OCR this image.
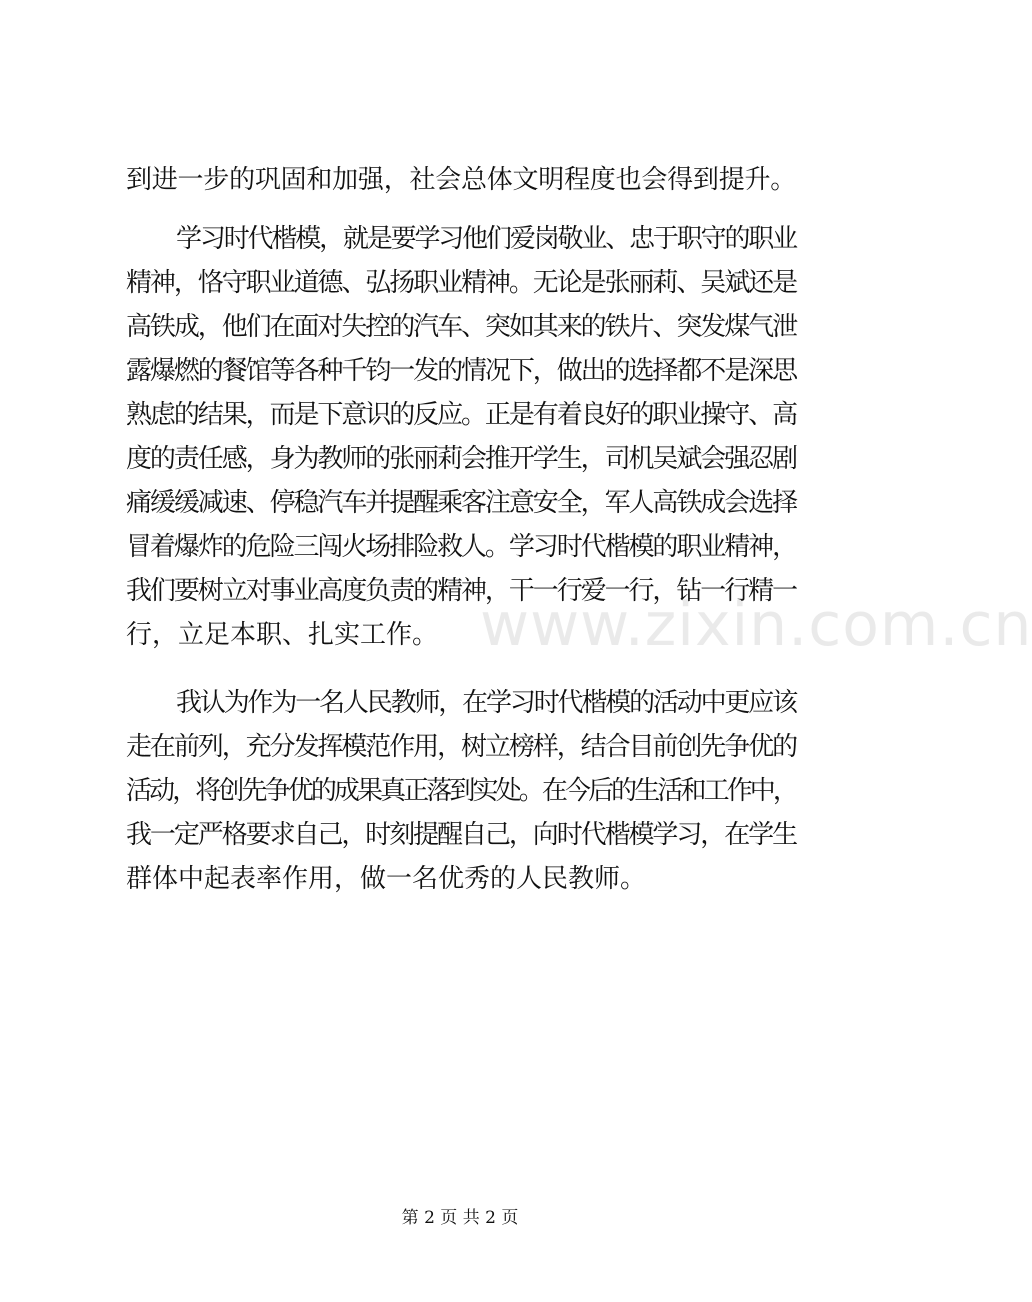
到进一步的巩固和加强，社会总体文明程度也会得到提升。
学习时代楷模，就是要学习他们爱岗敬业、忠于职守的职业
精神，恪守职业道德、弘扬职业精神。无论是张丽莉、吴斌还是
高铁成，他们在面对失控的汽车、突如其来的铁片、突发煤气泄
露爆燃的餐馆等各种千钧一发的情况下，做出的选择都不是深思
熟虑的结果，而是下意识的反应。正是有着良好的职业操守、高
度的责任感，身为教师的张丽莉会推开学生，司机吴斌会强忍剧
痛缓缓减速、停稳汽车并提醒乘客注意安全，军人高铁成会选择
冒着爆炸的危险三闯火场排险救人。学习时代楷模的职业精神，
我们要树立对事业高度负责的精神，干一行爱一行，钻一行精一
行，立足本职、扎实工作。
我认为作为一名人民教师，在学习时代楷模的活动中更应该
走在前列，充分发挥模范作用，树立榜样，结合目前创先争优的
活动，将创先争优的成果真正落到实处。在今后的生活和工作中，
我一定严格要求自己，时刻提醒自己，向时代楷模学习，在学生
群体中起表率作用，做一名优秀的人民教师。
www.zixin.com.cn
第 2 页 共 2 页
